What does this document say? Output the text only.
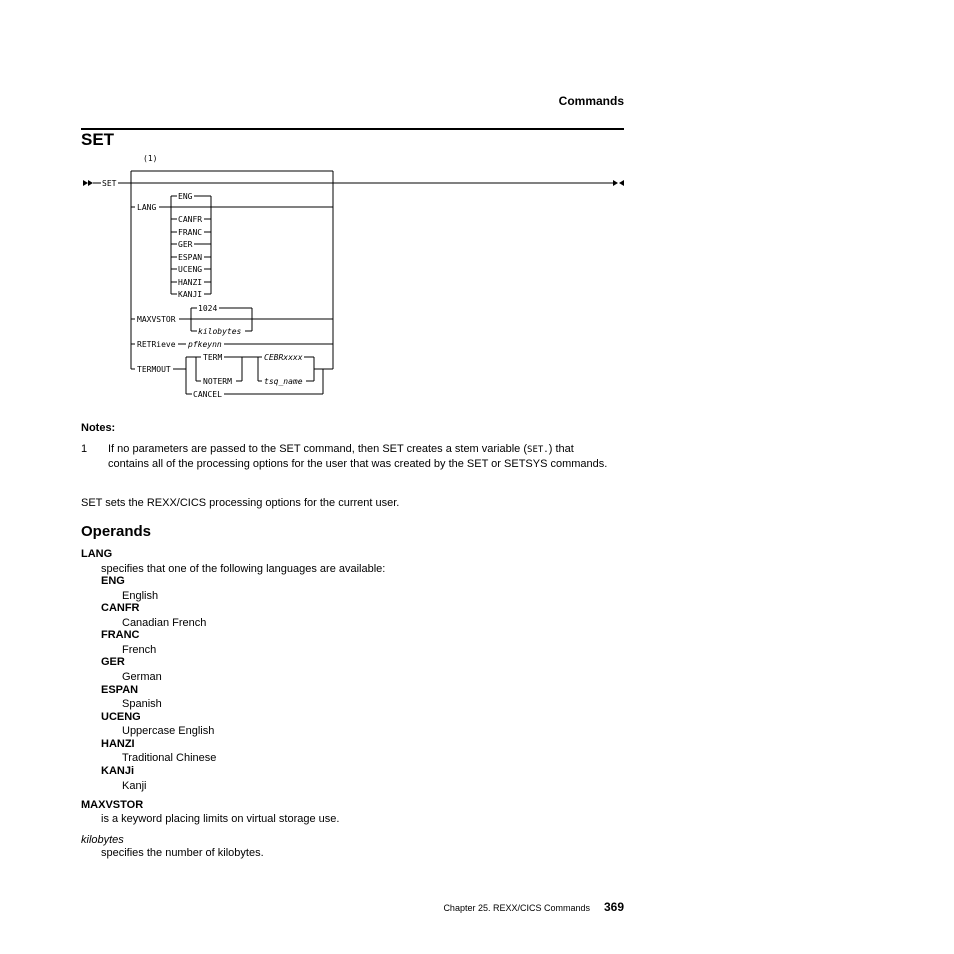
Commands
SET
(1)
SET
LANG
ENG
CANFR
FRANC
GER
ESPAN
UCENG
HANZI
KANJI
MAXVSTOR
1024
kilobytes
RETRieve pfkeynn
TERMOUT
TERM
NOTERM
CANCEL
CEBRxxxx
tsq_name
Notes:
1 If no parameters are passed to the SET command, then SET creates a stem variable (SET.) that contains all of the processing options for the user that was created by the SET or SETSYS commands.
SET sets the REXX/CICS processing options for the current user.
Operands
LANG
specifies that one of the following languages are available:
ENG
English
CANFR
Canadian French
FRANC
French
GER
German
ESPAN
Spanish
UCENG
Uppercase English
HANZI
Traditional Chinese
KANJi
Kanji
MAXVSTOR
is a keyword placing limits on virtual storage use.
kilobytes
specifies the number of kilobytes.
Chapter 25. REXX/CICS Commands	369
